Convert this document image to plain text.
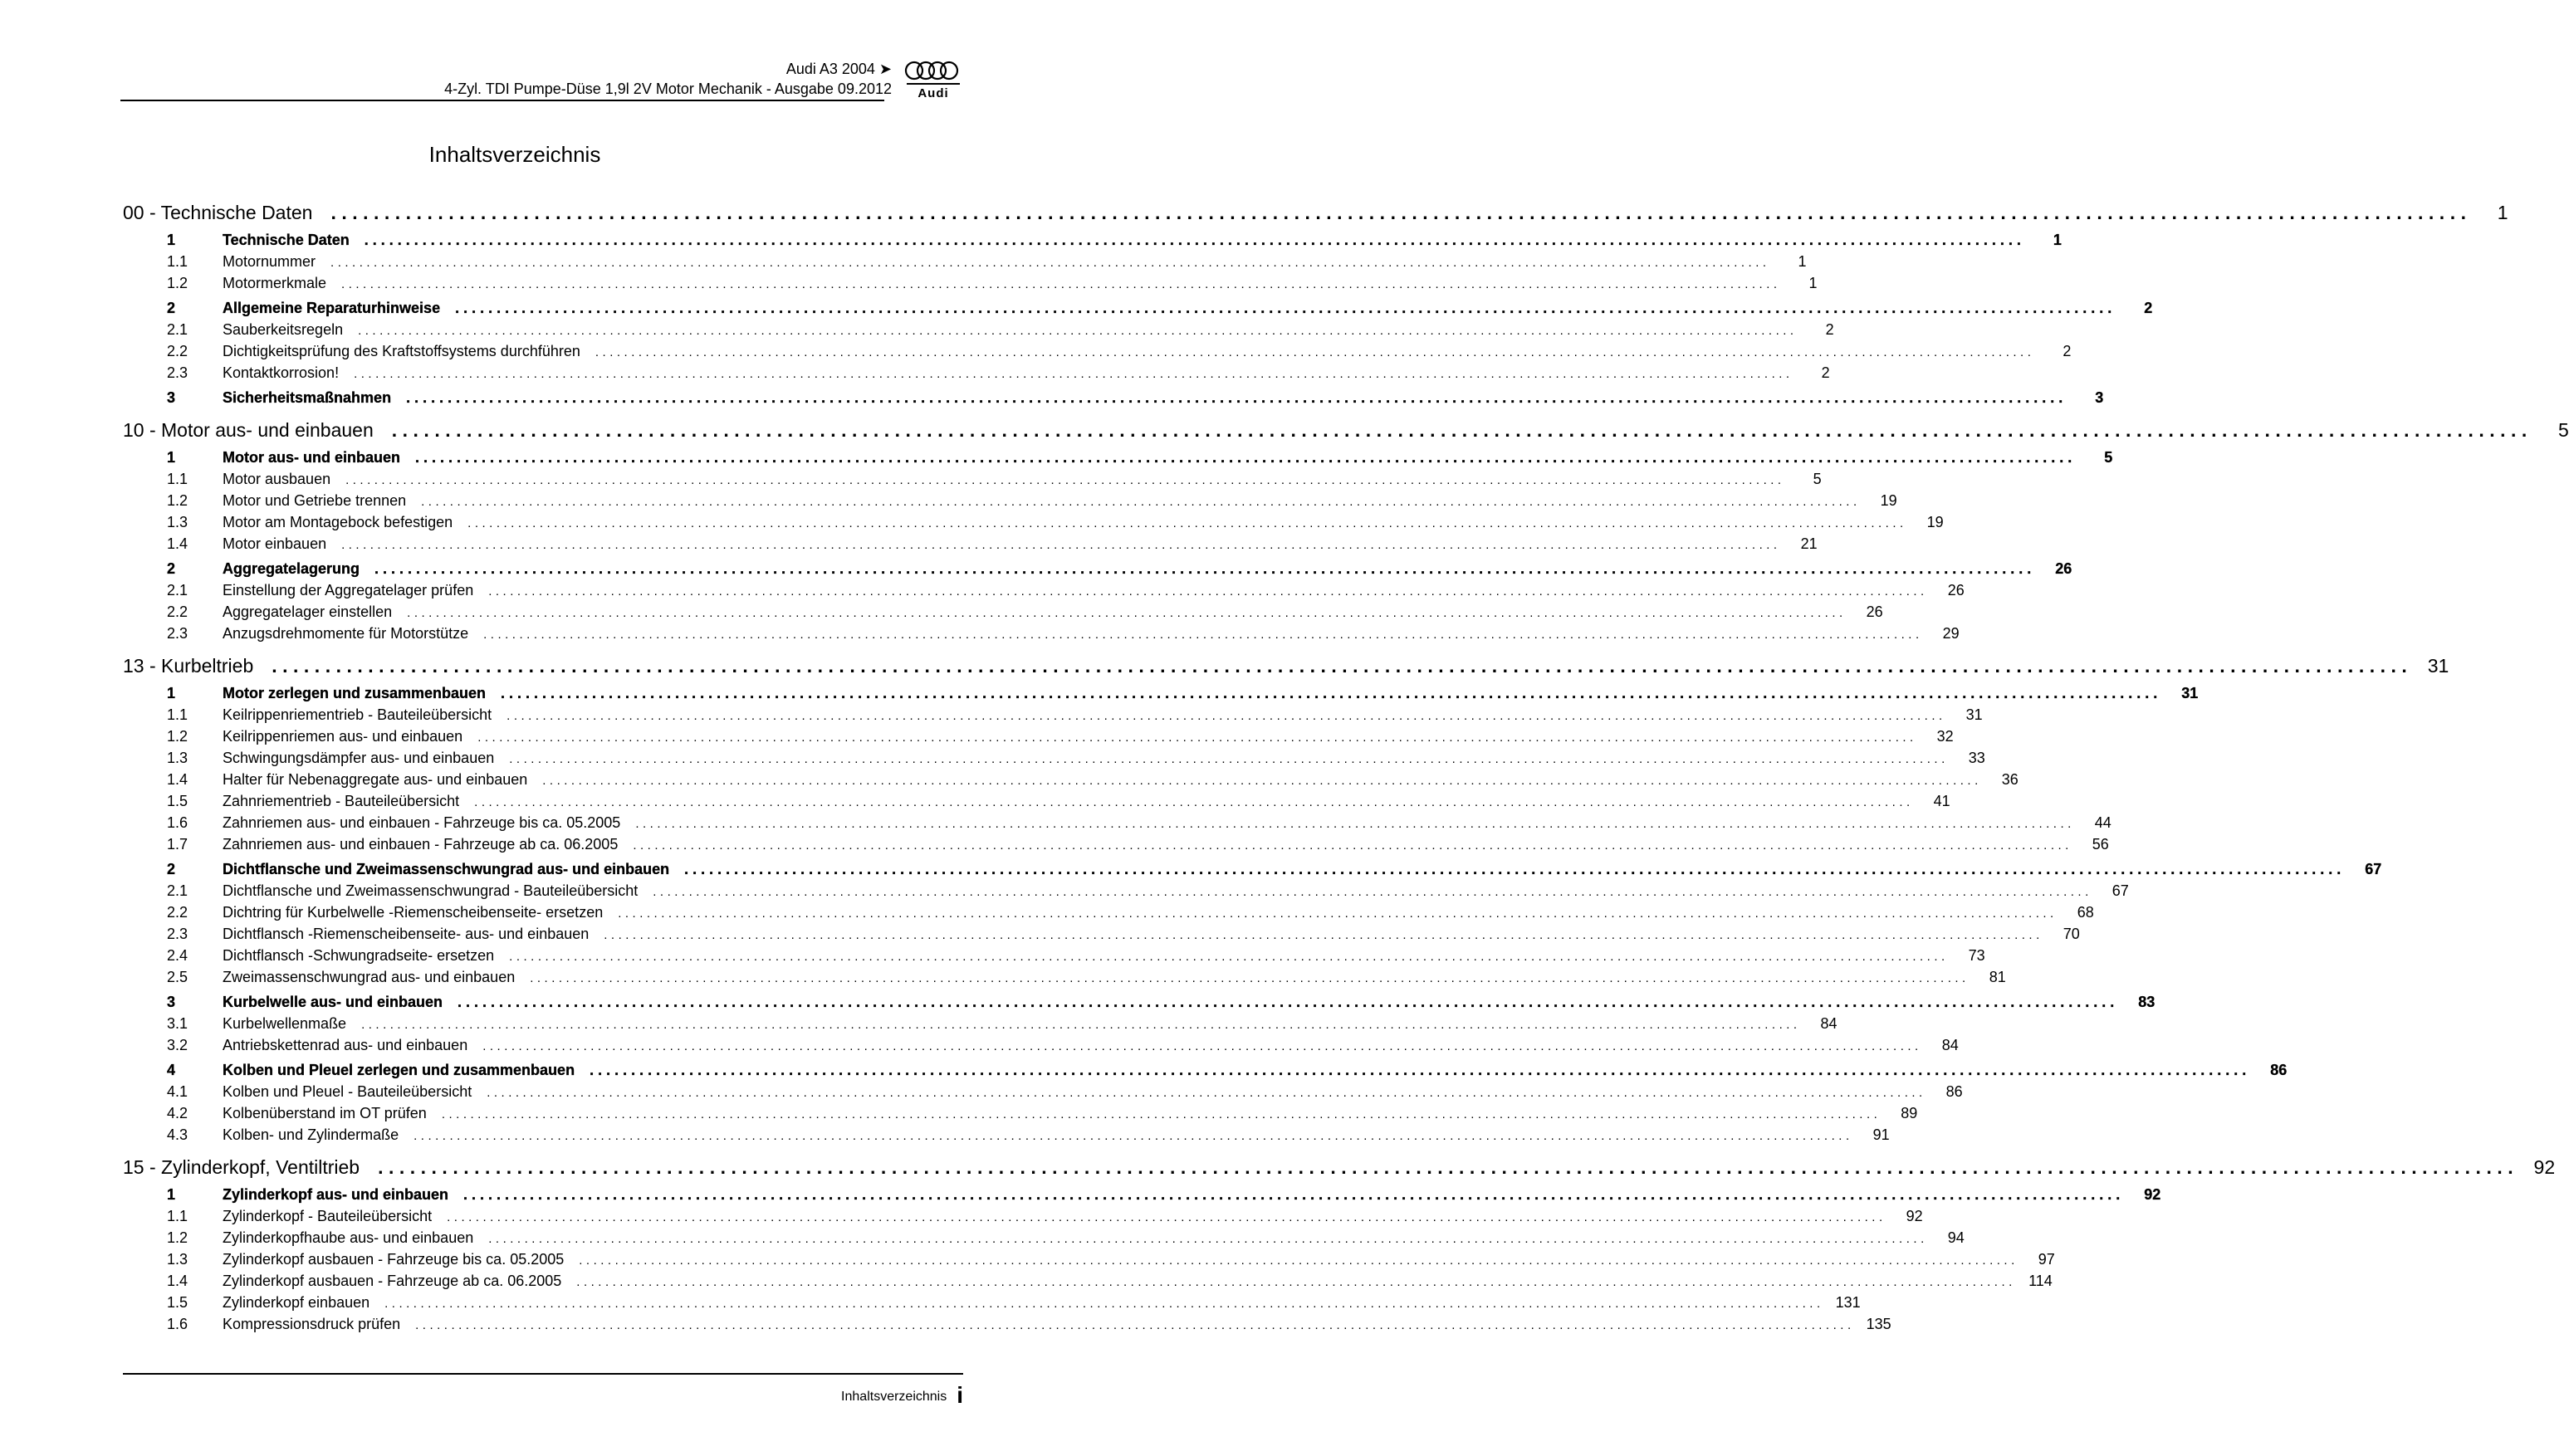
Audi A3 2004 ➤
4-Zyl. TDI Pumpe-Düse 1,9l 2V Motor Mechanik - Ausgabe 09.2012 Audi
Inhaltsverzeichnis
00 - Technische Daten ........................................................................................................................................................................................................	1
1	Technische Daten	........................................................................................................................................................................................................	1
1.1	Motornummer	........................................................................................................................................................................................................	1
1.2	Motormerkmale	........................................................................................................................................................................................................	1
2	Allgemeine Reparaturhinweise	........................................................................................................................................................................................................	2
2.1	Sauberkeitsregeln	........................................................................................................................................................................................................	2
2.2	Dichtigkeitsprüfung des Kraftstoffsystems durchführen	........................................................................................................................................................................................................	2
2.3	Kontaktkorrosion!	........................................................................................................................................................................................................	2
3	Sicherheitsmaßnahmen	........................................................................................................................................................................................................	3
10 - Motor aus- und einbauen ........................................................................................................................................................................................................	5
1	Motor aus- und einbauen	........................................................................................................................................................................................................	5
1.1	Motor ausbauen	........................................................................................................................................................................................................	5
1.2	Motor und Getriebe trennen	........................................................................................................................................................................................................	19
1.3	Motor am Montagebock befestigen	........................................................................................................................................................................................................	19
1.4	Motor einbauen	........................................................................................................................................................................................................	21
2	Aggregatelagerung	........................................................................................................................................................................................................	26
2.1	Einstellung der Aggregatelager prüfen	........................................................................................................................................................................................................	26
2.2	Aggregatelager einstellen	........................................................................................................................................................................................................	26
2.3	Anzugsdrehmomente für Motorstütze	........................................................................................................................................................................................................	29
13 - Kurbeltrieb ........................................................................................................................................................................................................ 31
1	Motor zerlegen und zusammenbauen	........................................................................................................................................................................................................	31
1.1	Keilrippenriementrieb - Bauteileübersicht	........................................................................................................................................................................................................	31
1.2	Keilrippenriemen aus- und einbauen	........................................................................................................................................................................................................	32
1.3	Schwingungsdämpfer aus- und einbauen	........................................................................................................................................................................................................	33
1.4	Halter für Nebenaggregate aus- und einbauen	........................................................................................................................................................................................................	36
1.5	Zahnriementrieb - Bauteileübersicht	........................................................................................................................................................................................................	41
1.6	Zahnriemen aus- und einbauen - Fahrzeuge bis ca. 05.2005	........................................................................................................................................................................................................	44
1.7	Zahnriemen aus- und einbauen - Fahrzeuge ab ca. 06.2005	........................................................................................................................................................................................................	56
2	Dichtflansche und Zweimassenschwungrad aus- und einbauen	........................................................................................................................................................................................................	67
2.1	Dichtflansche und Zweimassenschwungrad - Bauteileübersicht	........................................................................................................................................................................................................	67
2.2	Dichtring für Kurbelwelle -Riemenscheibenseite- ersetzen	........................................................................................................................................................................................................	68
2.3	Dichtflansch -Riemenscheibenseite- aus- und einbauen	........................................................................................................................................................................................................	70
2.4	Dichtflansch -Schwungradseite- ersetzen	........................................................................................................................................................................................................	73
2.5	Zweimassenschwungrad aus- und einbauen	........................................................................................................................................................................................................	81
3	Kurbelwelle aus- und einbauen	........................................................................................................................................................................................................	83
3.1	Kurbelwellenmaße	........................................................................................................................................................................................................	84
3.2	Antriebskettenrad aus- und einbauen	........................................................................................................................................................................................................	84
4	Kolben und Pleuel zerlegen und zusammenbauen	........................................................................................................................................................................................................	86
4.1	Kolben und Pleuel - Bauteileübersicht	........................................................................................................................................................................................................	86
4.2	Kolbenüberstand im OT prüfen	........................................................................................................................................................................................................	89
4.3	Kolben- und Zylindermaße	........................................................................................................................................................................................................	91
15 - Zylinderkopf, Ventiltrieb ........................................................................................................................................................................................................ 92
1	Zylinderkopf aus- und einbauen	........................................................................................................................................................................................................	92
1.1	Zylinderkopf - Bauteileübersicht	........................................................................................................................................................................................................	92
1.2	Zylinderkopfhaube aus- und einbauen	........................................................................................................................................................................................................	94
1.3	Zylinderkopf ausbauen - Fahrzeuge bis ca. 05.2005	........................................................................................................................................................................................................	97
1.4	Zylinderkopf ausbauen - Fahrzeuge ab ca. 06.2005	........................................................................................................................................................................................................ 114
1.5	Zylinderkopf einbauen	........................................................................................................................................................................................................ 131
1.6	Kompressionsdruck prüfen	........................................................................................................................................................................................................ 135
Inhaltsverzeichnis i
